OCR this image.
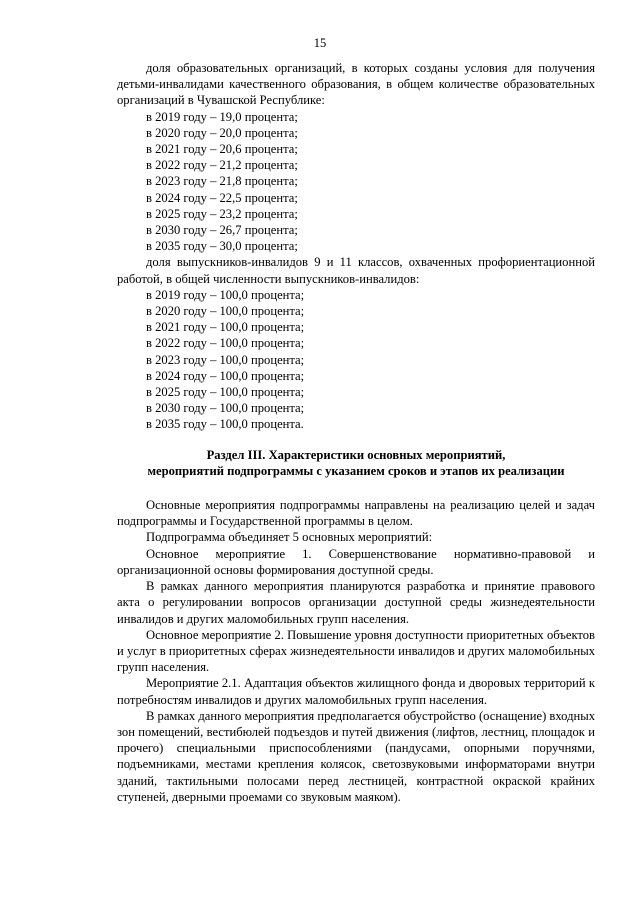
15

доля образовательных организаций, в которых созданы условия для получения детьми-инвалидами качественного образования, в общем количестве образовательных организаций в Чувашской Республике:

в 2019 году – 19,0 процента;

в 2020 году – 20,0 процента;

в 2021 году – 20,6 процента;

в 2022 году – 21,2 процента;

в 2023 году – 21,8 процента;

в 2024 году – 22,5 процента;

в 2025 году – 23,2 процента;

в 2030 году – 26,7 процента;

в 2035 году – 30,0 процента;

доля выпускников-инвалидов 9 и 11 классов, охваченных профориентационной работой, в общей численности выпускников-инвалидов:

в 2019 году – 100,0 процента;

в 2020 году – 100,0 процента;

в 2021 году – 100,0 процента;

в 2022 году – 100,0 процента;

в 2023 году – 100,0 процента;

в 2024 году – 100,0 процента;

в 2025 году – 100,0 процента;

в 2030 году – 100,0 процента;

в 2035 году – 100,0 процента.

Раздел III. Характеристики основных мероприятий,
мероприятий подпрограммы с указанием сроков и этапов их реализации

Основные мероприятия подпрограммы направлены на реализацию целей и задач подпрограммы и Государственной программы в целом.

Подпрограмма объединяет 5 основных мероприятий:

Основное мероприятие 1. Совершенствование нормативно-правовой и организационной основы формирования доступной среды.

В рамках данного мероприятия планируются разработка и принятие правового акта о регулировании вопросов организации доступной среды жизнедеятельности инвалидов и других маломобильных групп населения.

Основное мероприятие 2. Повышение уровня доступности приоритетных объектов и услуг в приоритетных сферах жизнедеятельности инвалидов и других маломобильных групп населения.

Мероприятие 2.1. Адаптация объектов жилищного фонда и дворовых территорий к потребностям инвалидов и других маломобильных групп населения.

В рамках данного мероприятия предполагается обустройство (оснащение) входных зон помещений, вестибюлей подъездов и путей движения (лифтов, лестниц, площадок и прочего) специальными приспособлениями (пандусами, опорными поручнями, подъемниками, местами крепления колясок, светозвуковыми информаторами внутри зданий, тактильными полосами перед лестницей, контрастной окраской крайних ступеней, дверными проемами со звуковым маяком).
